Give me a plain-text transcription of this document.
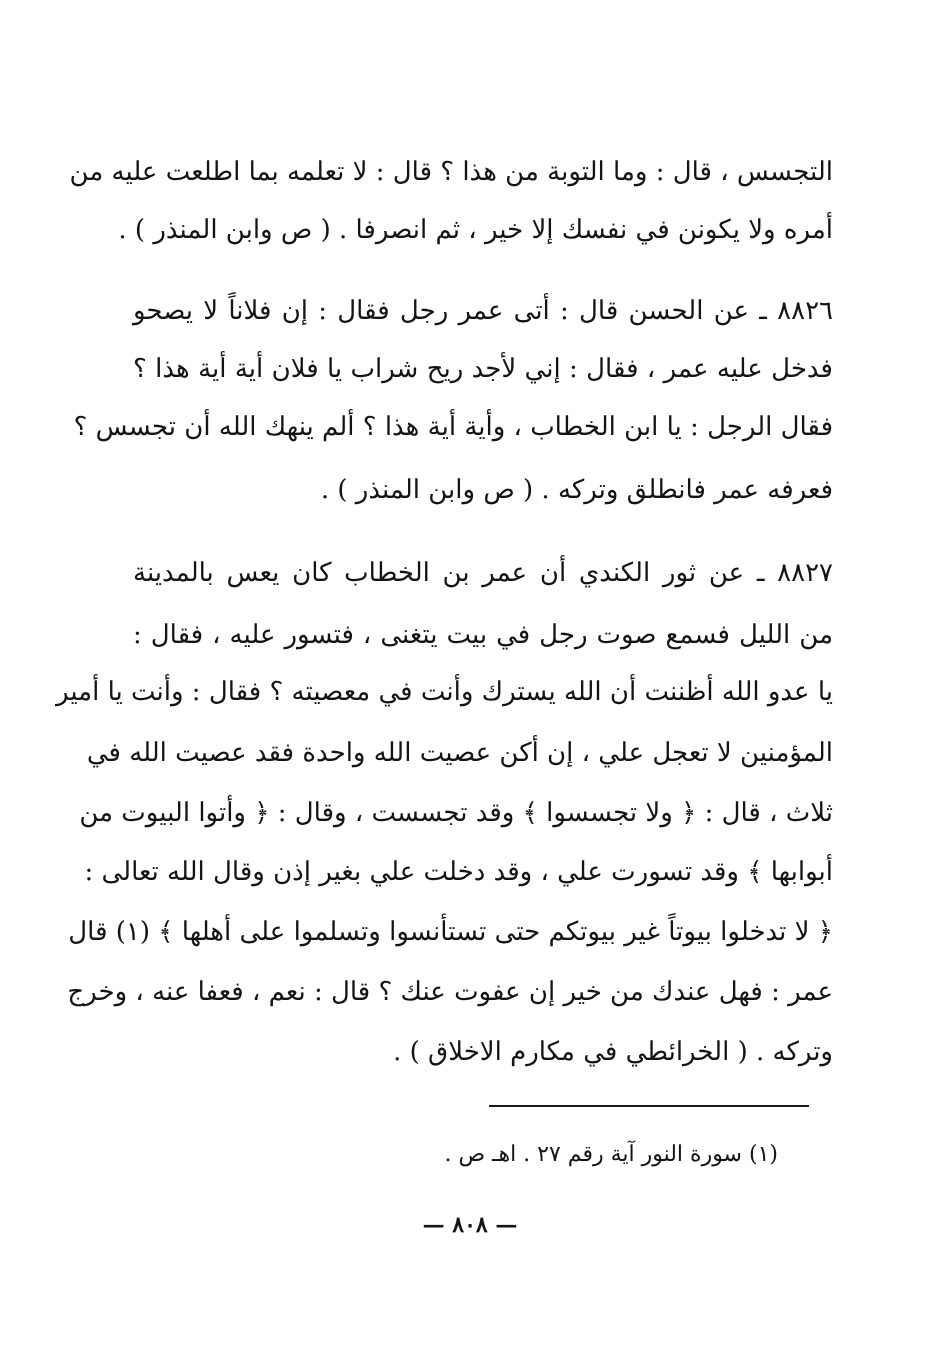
التجسس ، قال : وما التوبة من هذا ؟ قال : لا تعلمه بما اطلعت عليه من
أمره ولا يكونن في نفسك إلا خير ، ثم انصرفا . ( ص وابن المنذر ) .
٨٨٢٦ ـ عن الحسن قال : أتى عمر رجل فقال : إن فلاناً لا يصحو
فدخل عليه عمر ، فقال : إني لأجد ريح شراب يا فلان أية أية هذا ؟
فقال الرجل : يا ابن الخطاب ، وأية أية هذا ؟ ألم ينهك الله أن تجسس ؟
فعرفه عمر فانطلق وتركه . ( ص وابن المنذر ) .
٨٨٢٧ ـ عن ثور الكندي أن عمر بن الخطاب كان يعس بالمدينة
من الليل فسمع صوت رجل في بيت يتغنى ، فتسور عليه ، فقال :
يا عدو الله أظننت أن الله يسترك وأنت في معصيته ؟ فقال : وأنت يا أمير
المؤمنين لا تعجل علي ، إن أكن عصيت الله واحدة فقد عصيت الله في
ثلاث ، قال : ﴿ ولا تجسسوا ﴾ وقد تجسست ، وقال : ﴿ وأتوا البيوت من
أبوابها ﴾ وقد تسورت علي ، وقد دخلت علي بغير إذن وقال الله تعالى :
﴿ لا تدخلوا بيوتاً غير بيوتكم حتى تستأنسوا وتسلموا على أهلها ﴾ (١) قال
عمر : فهل عندك من خير إن عفوت عنك ؟ قال : نعم ، فعفا عنه ، وخرج
وتركه . ( الخرائطي في مكارم الاخلاق ) .
(١) سورة النور آية رقم ٢٧ . اهـ ص .
— ٨٠٨ —
